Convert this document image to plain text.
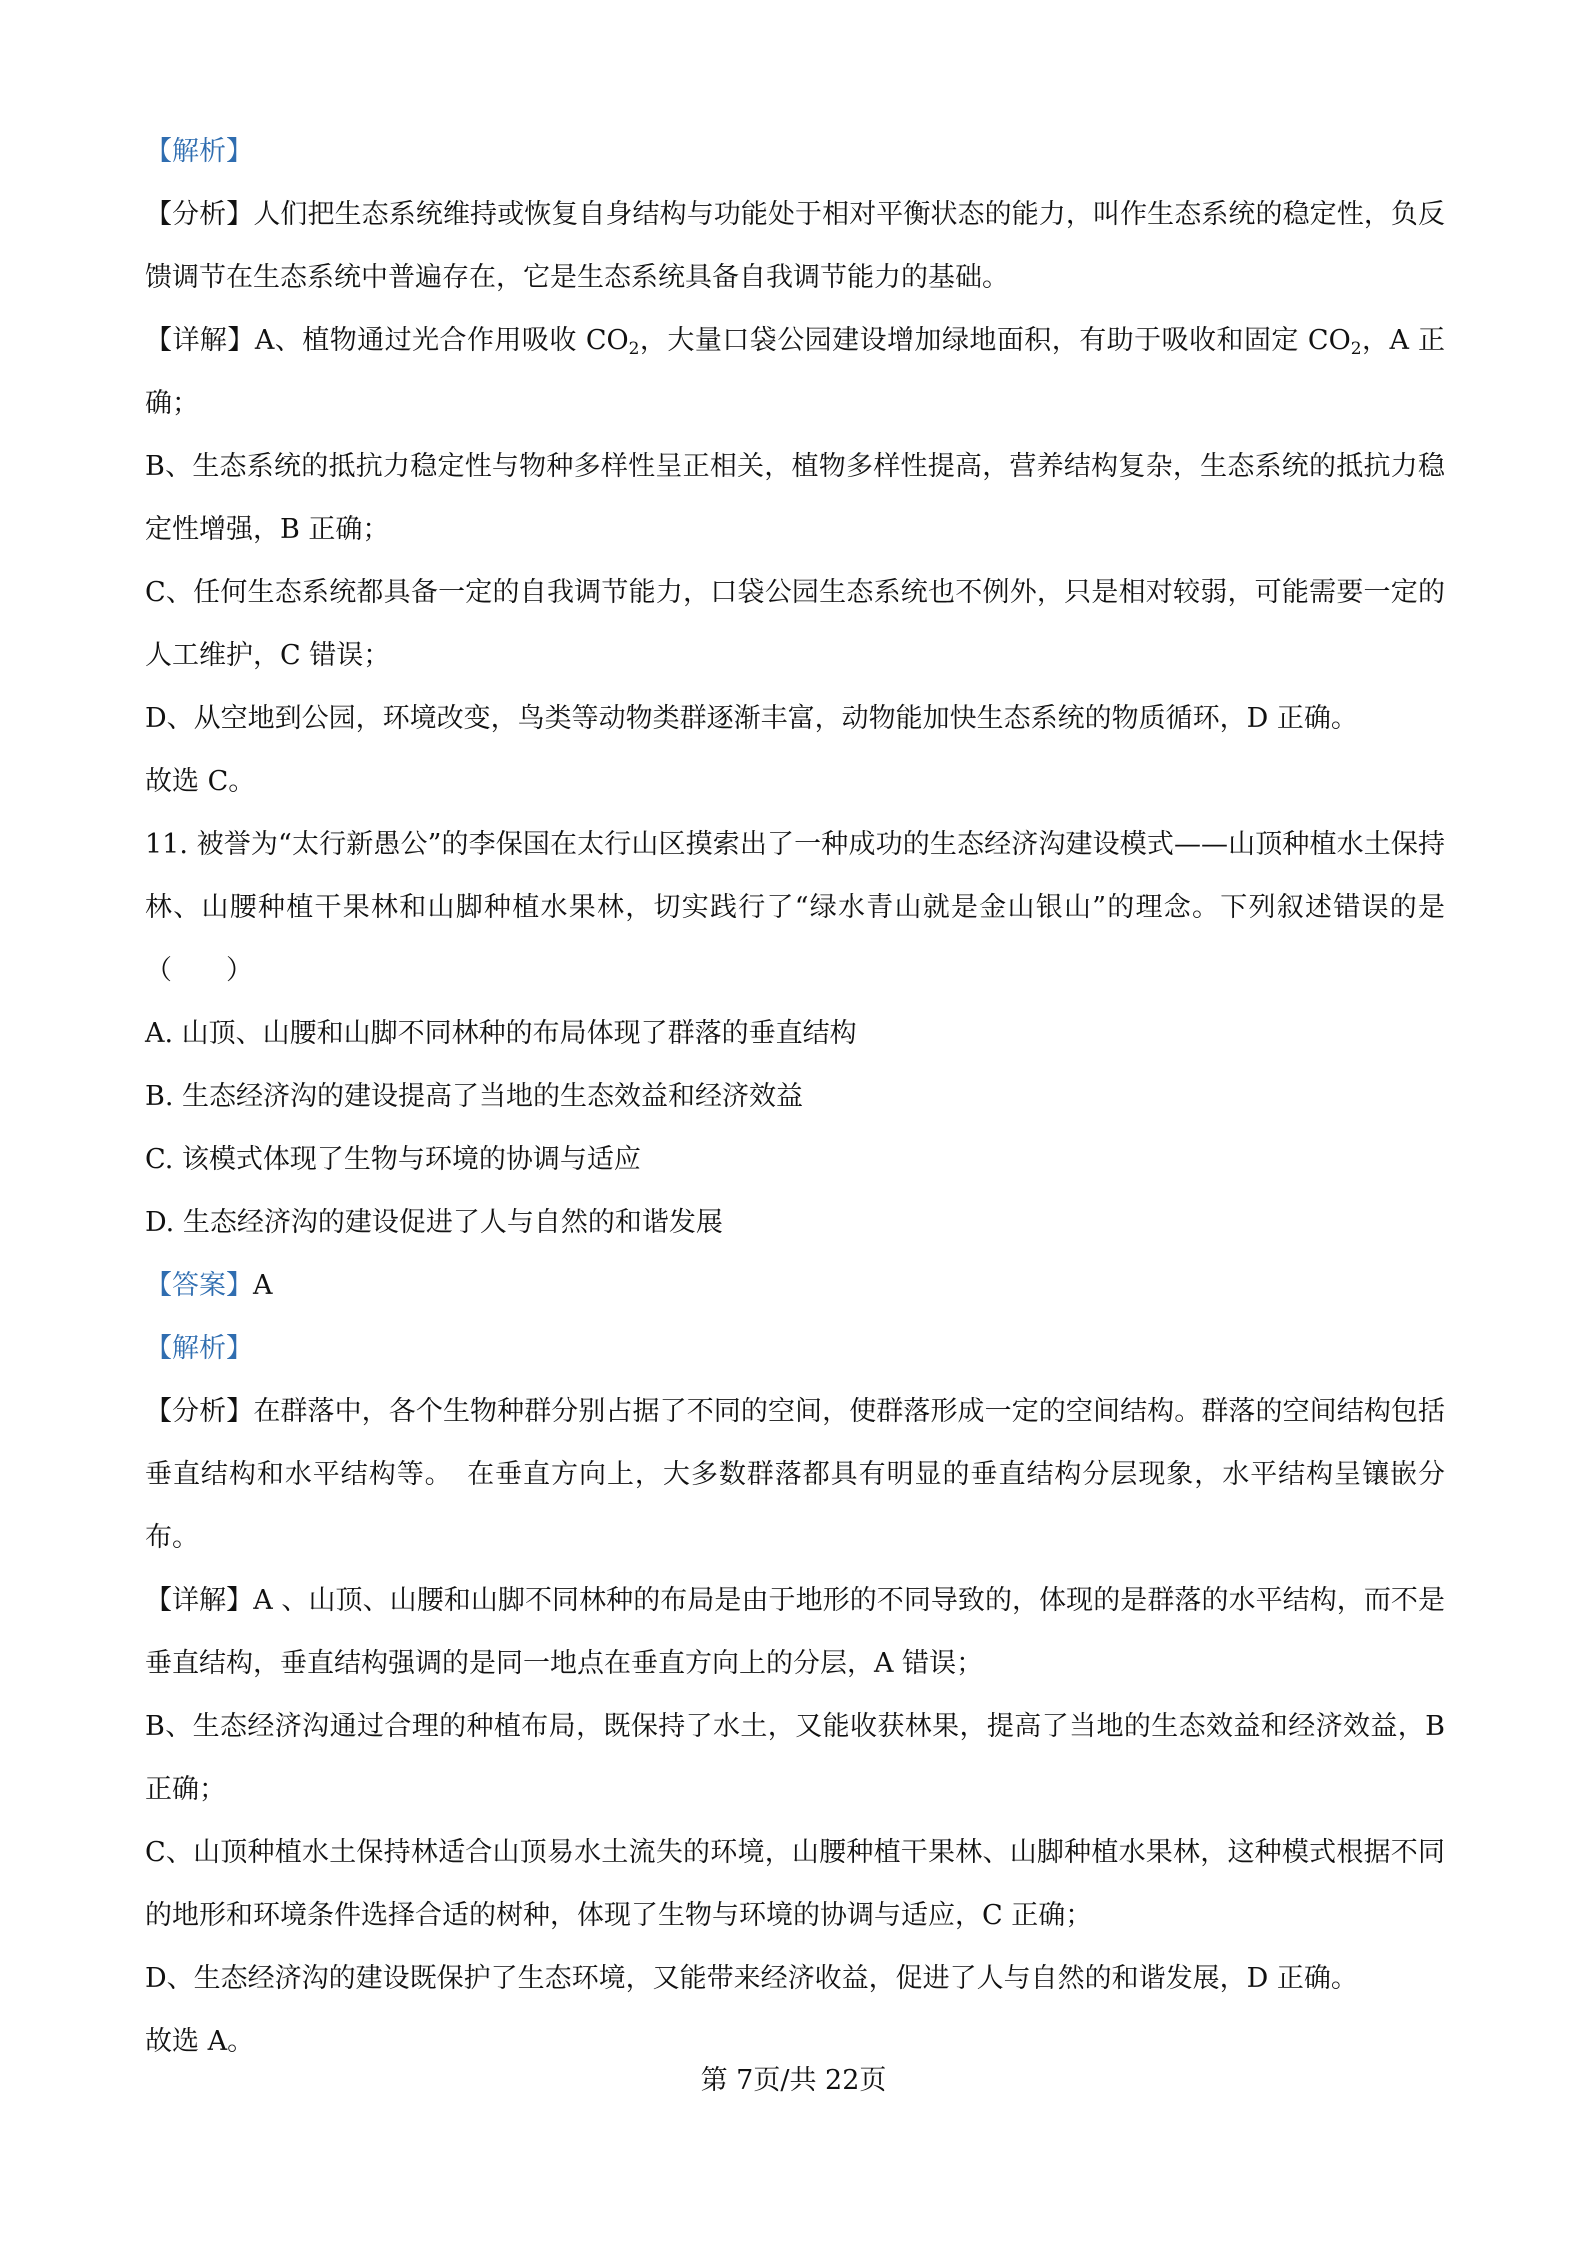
【解析】

【分析】人们把生态系统维持或恢复自身结构与功能处于相对平衡状态的能力，叫作生态系统的稳定性，负反馈调节在生态系统中普遍存在，它是生态系统具备自我调节能力的基础。

【详解】A、植物通过光合作用吸收 $CO_2$，大量口袋公园建设增加绿地面积，有助于吸收和固定 $CO_2$，A 正确；

B、生态系统的抵抗力稳定性与物种多样性呈正相关，植物多样性提高，营养结构复杂，生态系统的抵抗力稳定性增强，B 正确；

C、任何生态系统都具备一定的自我调节能力，口袋公园生态系统也不例外，只是相对较弱，可能需要一定的人工维护，C 错误；

D、从空地到公园，环境改变，鸟类等动物类群逐渐丰富，动物能加快生态系统的物质循环，D 正确。

故选 C。

11. 被誉为“太行新愚公”的李保国在太行山区摸索出了一种成功的生态经济沟建设模式——山顶种植水土保持林、山腰种植干果林和山脚种植水果林，切实践行了“绿水青山就是金山银山”的理念。下列叙述错误的是（　　）

A. 山顶、山腰和山脚不同林种的布局体现了群落的垂直结构

B. 生态经济沟的建设提高了当地的生态效益和经济效益

C. 该模式体现了生物与环境的协调与适应

D. 生态经济沟的建设促进了人与自然的和谐发展

【答案】A

【解析】

【分析】在群落中，各个生物种群分别占据了不同的空间，使群落形成一定的空间结构。群落的空间结构包括垂直结构和水平结构等。　在垂直方向上，大多数群落都具有明显的垂直结构分层现象，水平结构呈镶嵌分布。

【详解】A 、山顶、山腰和山脚不同林种的布局是由于地形的不同导致的，体现的是群落的水平结构，而不是垂直结构，垂直结构强调的是同一地点在垂直方向上的分层，A 错误；

B、生态经济沟通过合理的种植布局，既保持了水土，又能收获林果，提高了当地的生态效益和经济效益，B 正确；

C、山顶种植水土保持林适合山顶易水土流失的环境，山腰种植干果林、山脚种植水果林，这种模式根据不同的地形和环境条件选择合适的树种，体现了生物与环境的协调与适应，C 正确；

D、生态经济沟的建设既保护了生态环境，又能带来经济收益，促进了人与自然的和谐发展，D 正确。

故选 A。

第 7页/共 22页
